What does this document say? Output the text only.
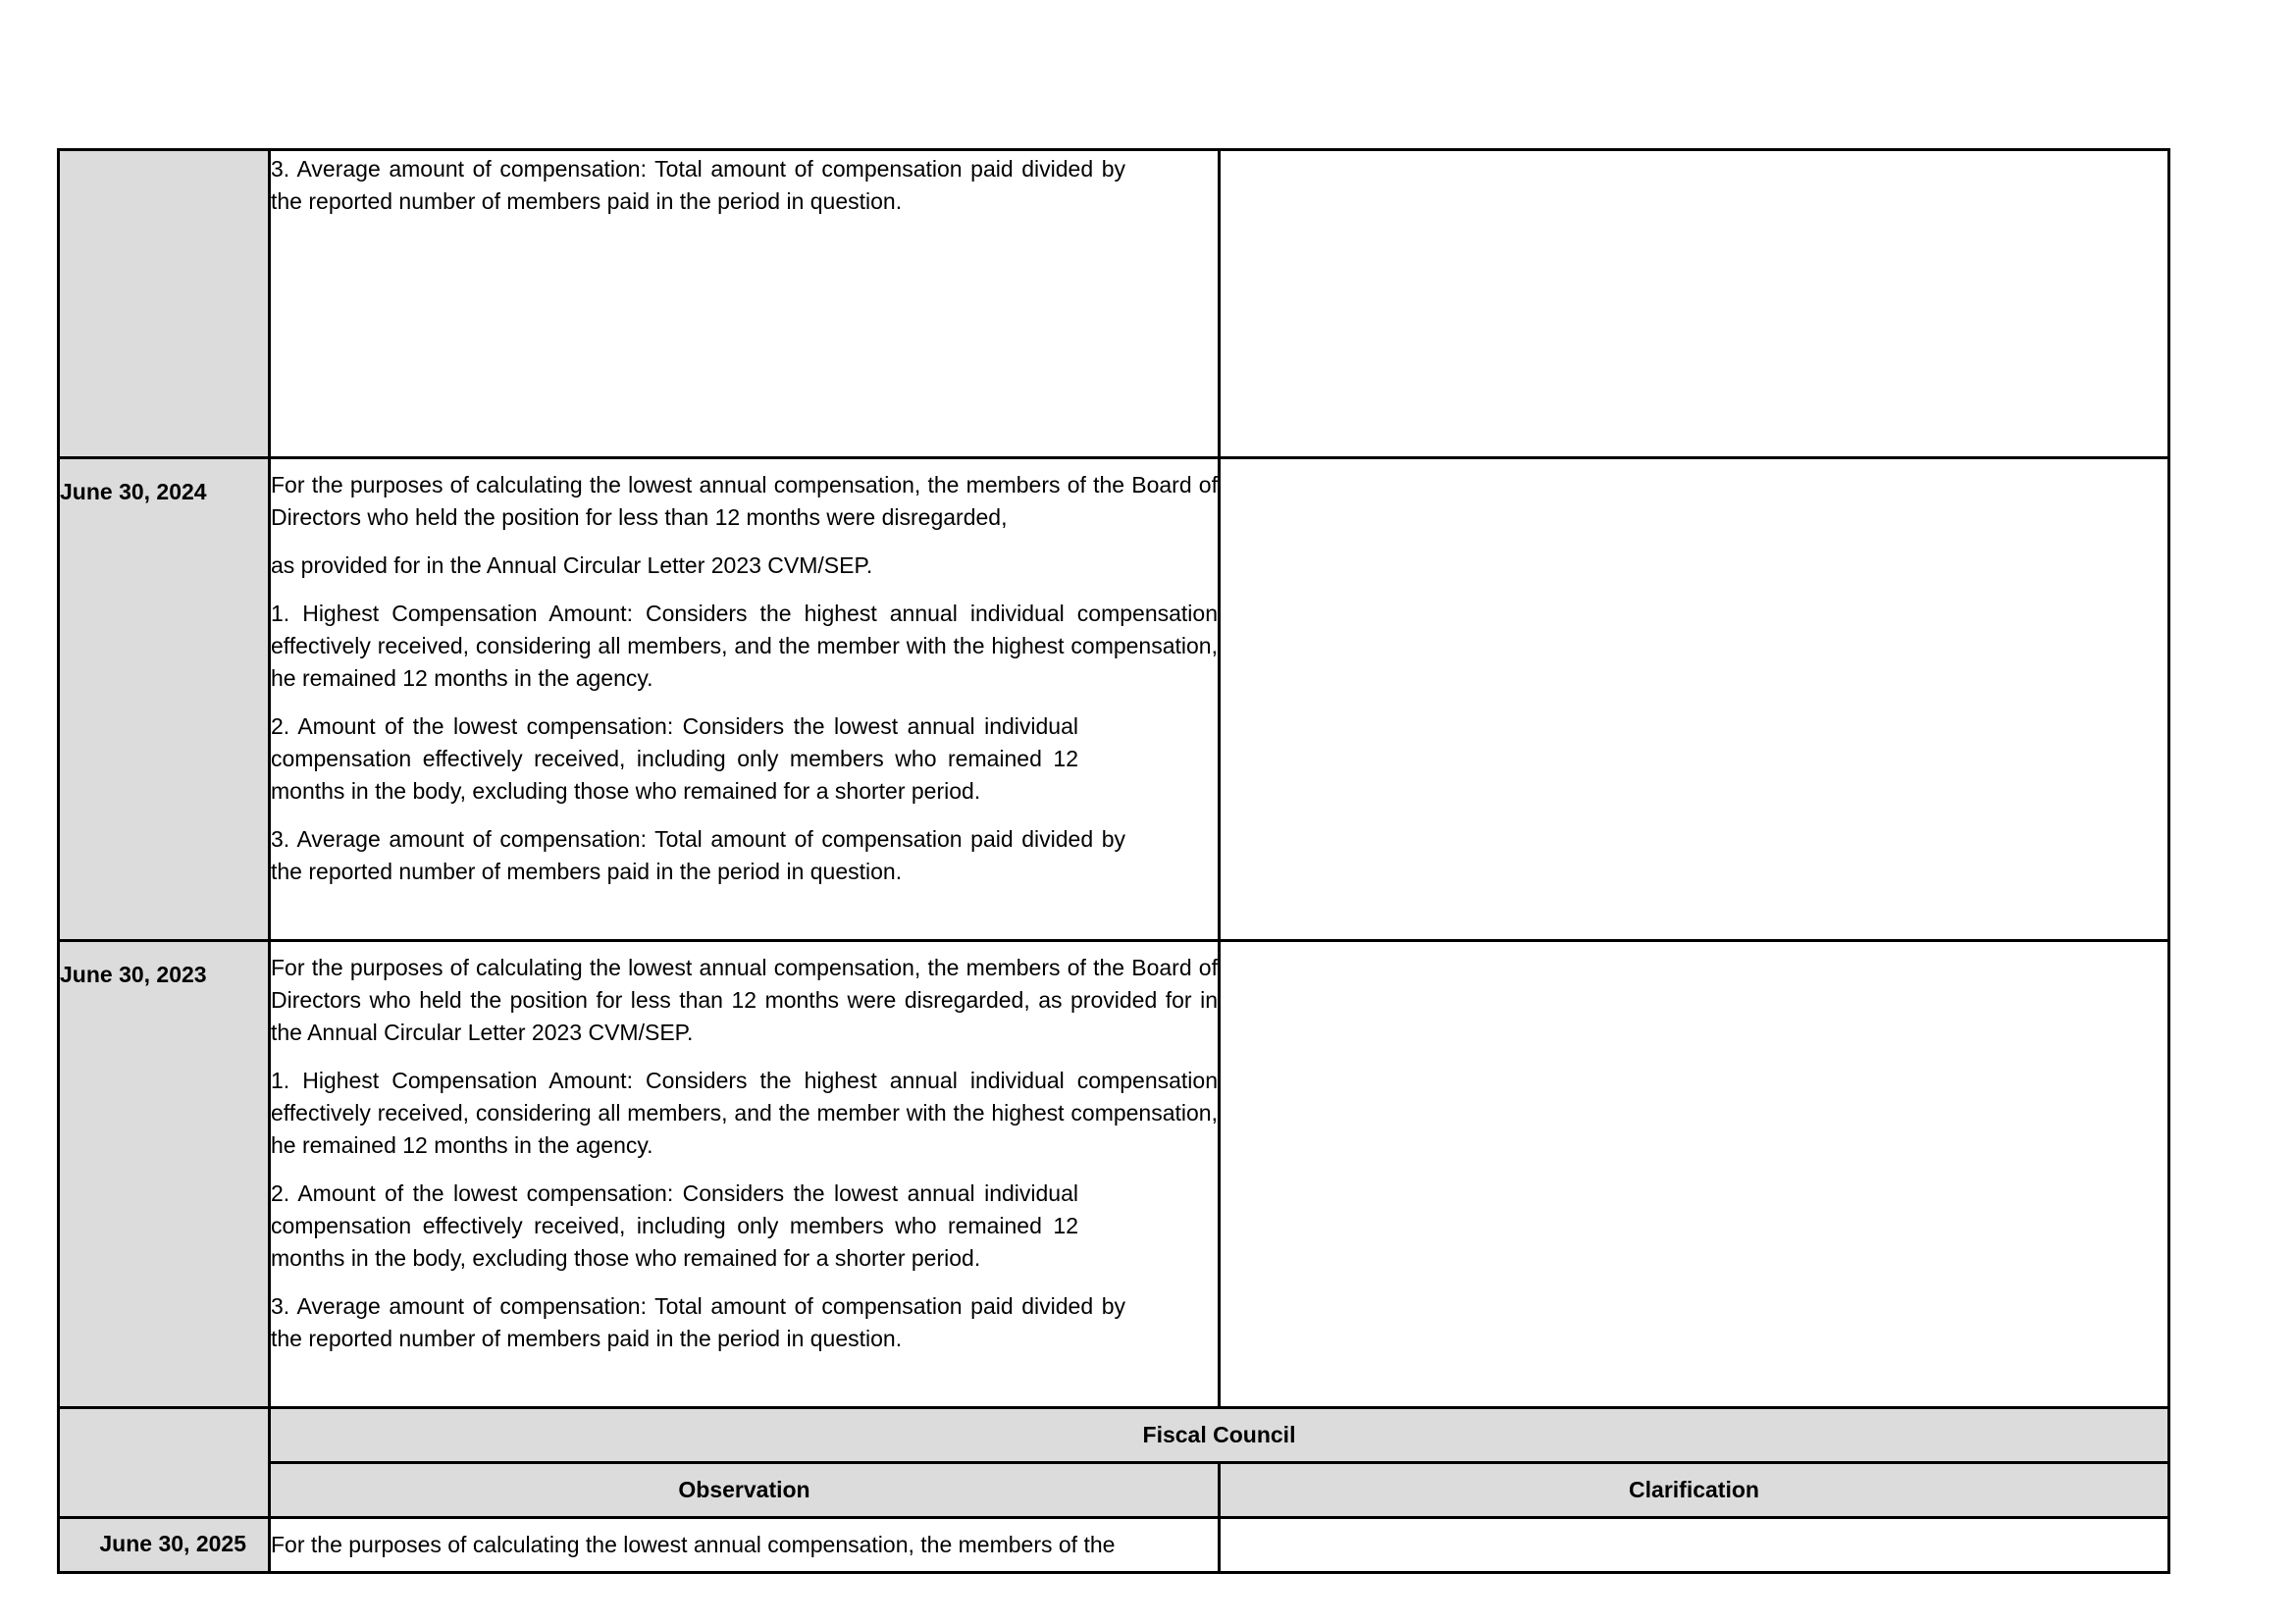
	3. Average amount of compensation: Total amount of compensation paid divided by the reported number of members paid in the period in question.	

June 30, 2024	For the purposes of calculating the lowest annual compensation, the members of the Board of Directors who held the position for less than 12 months were disregarded,

as provided for in the Annual Circular Letter 2023 CVM/SEP.

1. Highest Compensation Amount: Considers the highest annual individual compensation effectively received, considering all members, and the member with the highest compensation, he remained 12 months in the agency.

2. Amount of the lowest compensation: Considers the lowest annual individual compensation effectively received, including only members who remained 12 months in the body, excluding those who remained for a shorter period.

3. Average amount of compensation: Total amount of compensation paid divided by the reported number of members paid in the period in question.	

June 30, 2023	For the purposes of calculating the lowest annual compensation, the members of the Board of Directors who held the position for less than 12 months were disregarded, as provided for in the Annual Circular Letter 2023 CVM/SEP.

1. Highest Compensation Amount: Considers the highest annual individual compensation effectively received, considering all members, and the member with the highest compensation, he remained 12 months in the agency.

2. Amount of the lowest compensation: Considers the lowest annual individual compensation effectively received, including only members who remained 12 months in the body, excluding those who remained for a shorter period.

3. Average amount of compensation: Total amount of compensation paid divided by the reported number of members paid in the period in question.	

	Fiscal Council	
	Observation	Clarification

June 30, 2025	For the purposes of calculating the lowest annual compensation, the members of the	
